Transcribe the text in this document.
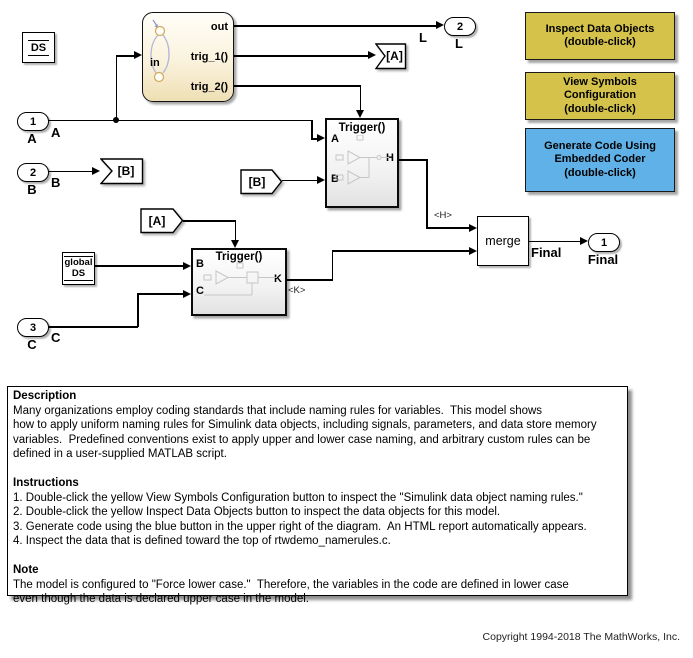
DS
in
out
trig_1()
trig_2()
[A]
[B]
[B]
[A]
Trigger()
A
B
H
Trigger()
B
C
K
global
DS
merge
1
A
2
B
3
C
2
L
1
Final
A
B
C
L
Final
<H>
<K>
Inspect Data Objects
(double-click)
View Symbols
Configuration
(double-click)
Generate Code Using
Embedded Coder
(double-click)
Description
Many organizations employ coding standards that include naming rules for variables.  This model shows
how to apply uniform naming rules for Simulink data objects, including signals, parameters, and data store memory
variables.  Predefined conventions exist to apply upper and lower case naming, and arbitrary custom rules can be
defined in a user-supplied MATLAB script.
Instructions
1. Double-click the yellow View Symbols Configuration button to inspect the "Simulink data object naming rules."
2. Double-click the yellow Inspect Data Objects button to inspect the data objects for this model.
3. Generate code using the blue button in the upper right of the diagram.  An HTML report automatically appears.
4. Inspect the data that is defined toward the top of rtwdemo_namerules.c.
Note
The model is configured to "Force lower case."  Therefore, the variables in the code are defined in lower case
even though the data is declared upper case in the model.
Copyright 1994-2018 The MathWorks, Inc.
